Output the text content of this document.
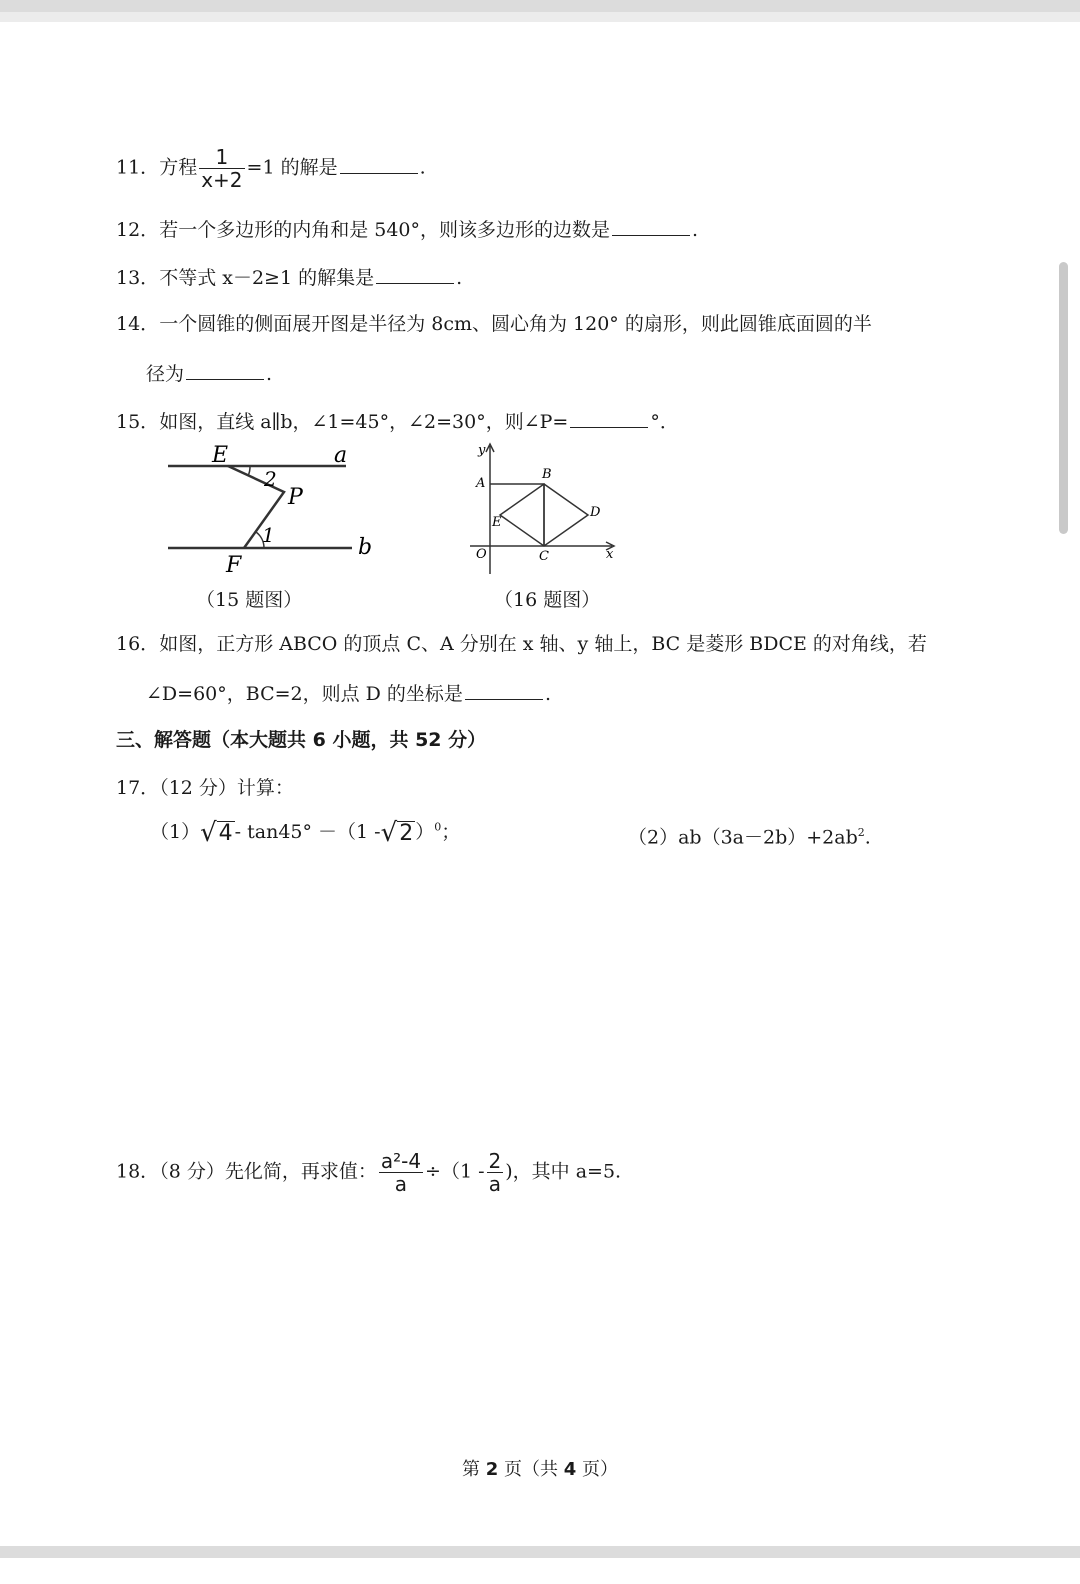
11．方程 $\frac{1}{x+2} =1$ 的解是	.
12．若一个多边形的内角和是 540°，则该多边形的边数是	.
13．不等式 x－2≥1 的解集是	.
14．一个圆锥的侧面展开图是半径为 8cm、圆心角为 120° 的扇形，则此圆锥底面圆的半
径为	.
15．如图，直线 a∥b，∠1=45°，∠2=30°，则∠P=	°．
E	a
2
P
1
F
b
（15 题图）
y
A
B
D
E
O	C	x
（16 题图）
16．如图，正方形 ABCO 的顶点 C、A 分别在 x 轴、y 轴上，BC 是菱形 BDCE 的对角线，若
∠D=60°，BC=2，则点 D 的坐标是	.
三、解答题（本大题共 6 小题，共 52 分）
17．（12 分）计算：
（1） √ 4 - tan45° －（1 - √ 2 ）$^0$；	$(2)ab(3a-2b)+2ab^2$.
18．（8 分）先化简，再求值： $\frac{\text{a²-4}}{a} \div(1 - \frac{2}{a}$ )，其中 a=5.
第 2 页（共 4 页）
